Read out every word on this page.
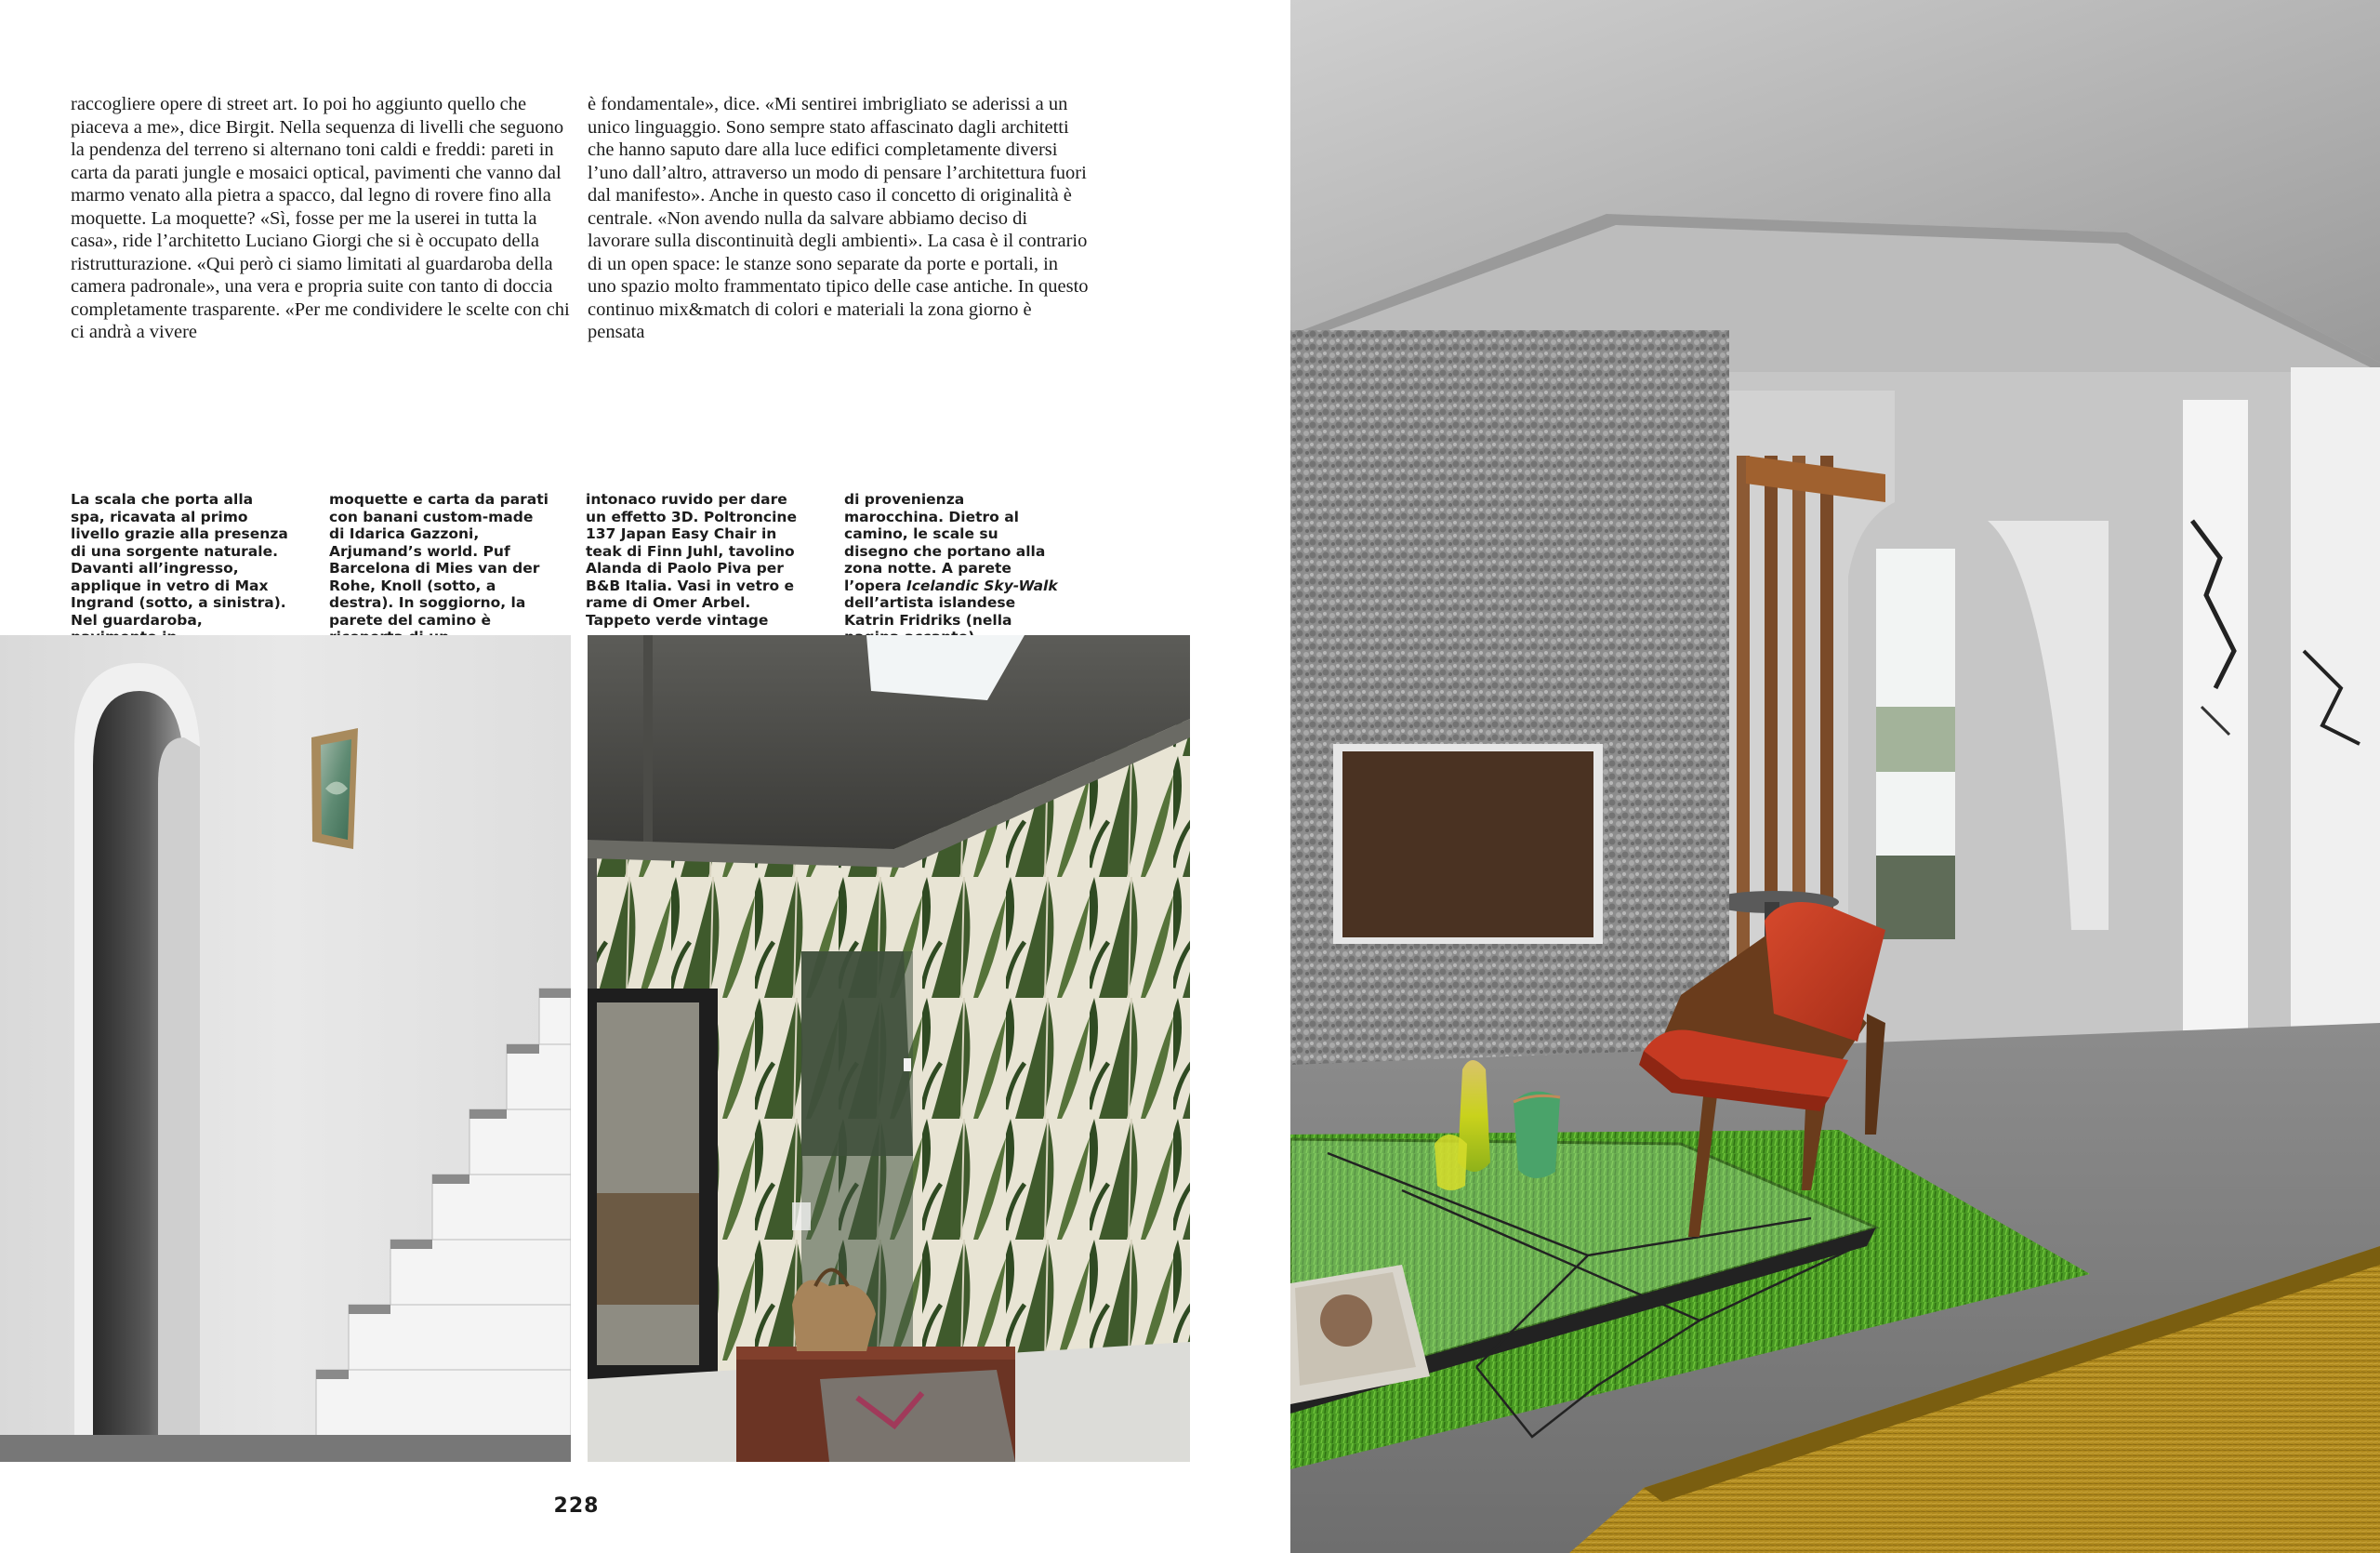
raccogliere opere di street art. Io poi ho aggiunto quello che piaceva a me», dice Birgit. Nella sequenza di livelli che seguono la pendenza del terreno si alternano toni caldi e freddi: pareti in carta da parati jungle e mosaici optical, pavimenti che vanno dal marmo venato alla pietra a spacco, dal legno di rovere fino alla moquette. La moquette? «Sì, fosse per me la userei in tutta la casa», ride l’architetto Luciano Giorgi che si è occupato della ristrutturazione. «Qui però ci siamo limitati al guardaroba della camera padronale», una vera e propria suite con tanto di doccia completamente trasparente. «Per me condividere le scelte con chi ci andrà a vivere

è fondamentale», dice. «Mi sentirei imbrigliato se aderissi a un unico linguaggio. Sono sempre stato affascinato dagli architetti che hanno saputo dare alla luce edifici completamente diversi l’uno dall’altro, attraverso un modo di pensare l’architettura fuori dal manifesto». Anche in questo caso il concetto di originalità è centrale. «Non avendo nulla da salvare abbiamo deciso di lavorare sulla discontinuità degli ambienti». La casa è il contrario di un open space: le stanze sono separate da porte e portali, in uno spazio molto frammentato tipico delle case antiche. In questo continuo mix&match di colori e materiali la zona giorno è pensata

La scala che porta alla spa, ricavata al primo livello grazie alla presenza di una sorgente naturale. Davanti all’ingresso, applique in vetro di Max Ingrand (sotto, a sinistra). Nel guardaroba,
moquette e carta da parati con banani custom-made di Idarica Gazzoni, Arjumand’s world. Puf Barcelona di Mies van der Rohe, Knoll (sotto, a destra). In soggiorno, la parete del camino è
intonaco ruvido per dare un effetto 3D. Poltroncine 137 Japan Easy Chair in teak di Finn Juhl, tavolino Alanda di Paolo Piva per B&B Italia. Vasi in vetro e rame di Omer Arbel. Tappeto verde vintage
di provenienza marocchina. Dietro al camino, le scale su disegno che portano alla zona notte. A parete l’opera Icelandic Sky-Walk dell’artista islandese Katrin Fridriks (nella
228
